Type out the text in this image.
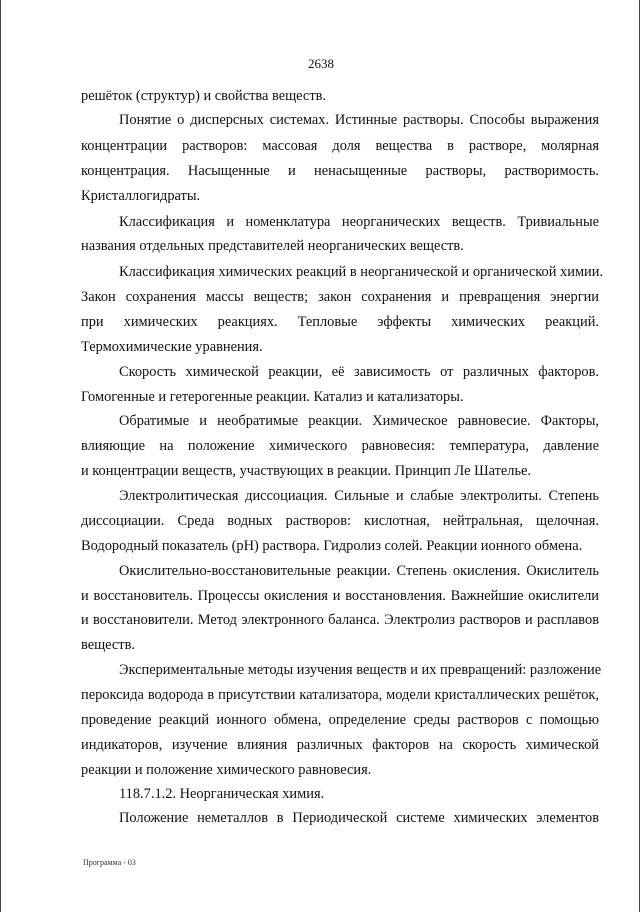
2638
решёток (структур) и свойства веществ.
Понятие о дисперсных системах. Истинные растворы. Способы выражения
концентрации растворов: массовая доля вещества в растворе, молярная
концентрация. Насыщенные и ненасыщенные растворы, растворимость.
Кристаллогидраты.
Классификация и номенклатура неорганических веществ. Тривиальные
названия отдельных представителей неорганических веществ.
Классификация химических реакций в неорганической и органической химии.
Закон сохранения массы веществ; закон сохранения и превращения энергии
при химических реакциях. Тепловые эффекты химических реакций.
Термохимические уравнения.
Скорость химической реакции, её зависимость от различных факторов.
Гомогенные и гетерогенные реакции. Катализ и катализаторы.
Обратимые и необратимые реакции. Химическое равновесие. Факторы,
влияющие на положение химического равновесия: температура, давление
и концентрации веществ, участвующих в реакции. Принцип Ле Шателье.
Электролитическая диссоциация. Сильные и слабые электролиты. Степень
диссоциации. Среда водных растворов: кислотная, нейтральная, щелочная.
Водородный показатель (pH) раствора. Гидролиз солей. Реакции ионного обмена.
Окислительно-восстановительные реакции. Степень окисления. Окислитель
и восстановитель. Процессы окисления и восстановления. Важнейшие окислители
и восстановители. Метод электронного баланса. Электролиз растворов и расплавов
веществ.
Экспериментальные методы изучения веществ и их превращений: разложение
пероксида водорода в присутствии катализатора, модели кристаллических решёток,
проведение реакций ионного обмена, определение среды растворов с помощью
индикаторов, изучение влияния различных факторов на скорость химической
реакции и положение химического равновесия.
118.7.1.2. Неорганическая химия.
Положение неметаллов в Периодической системе химических элементов
Программа - 03
